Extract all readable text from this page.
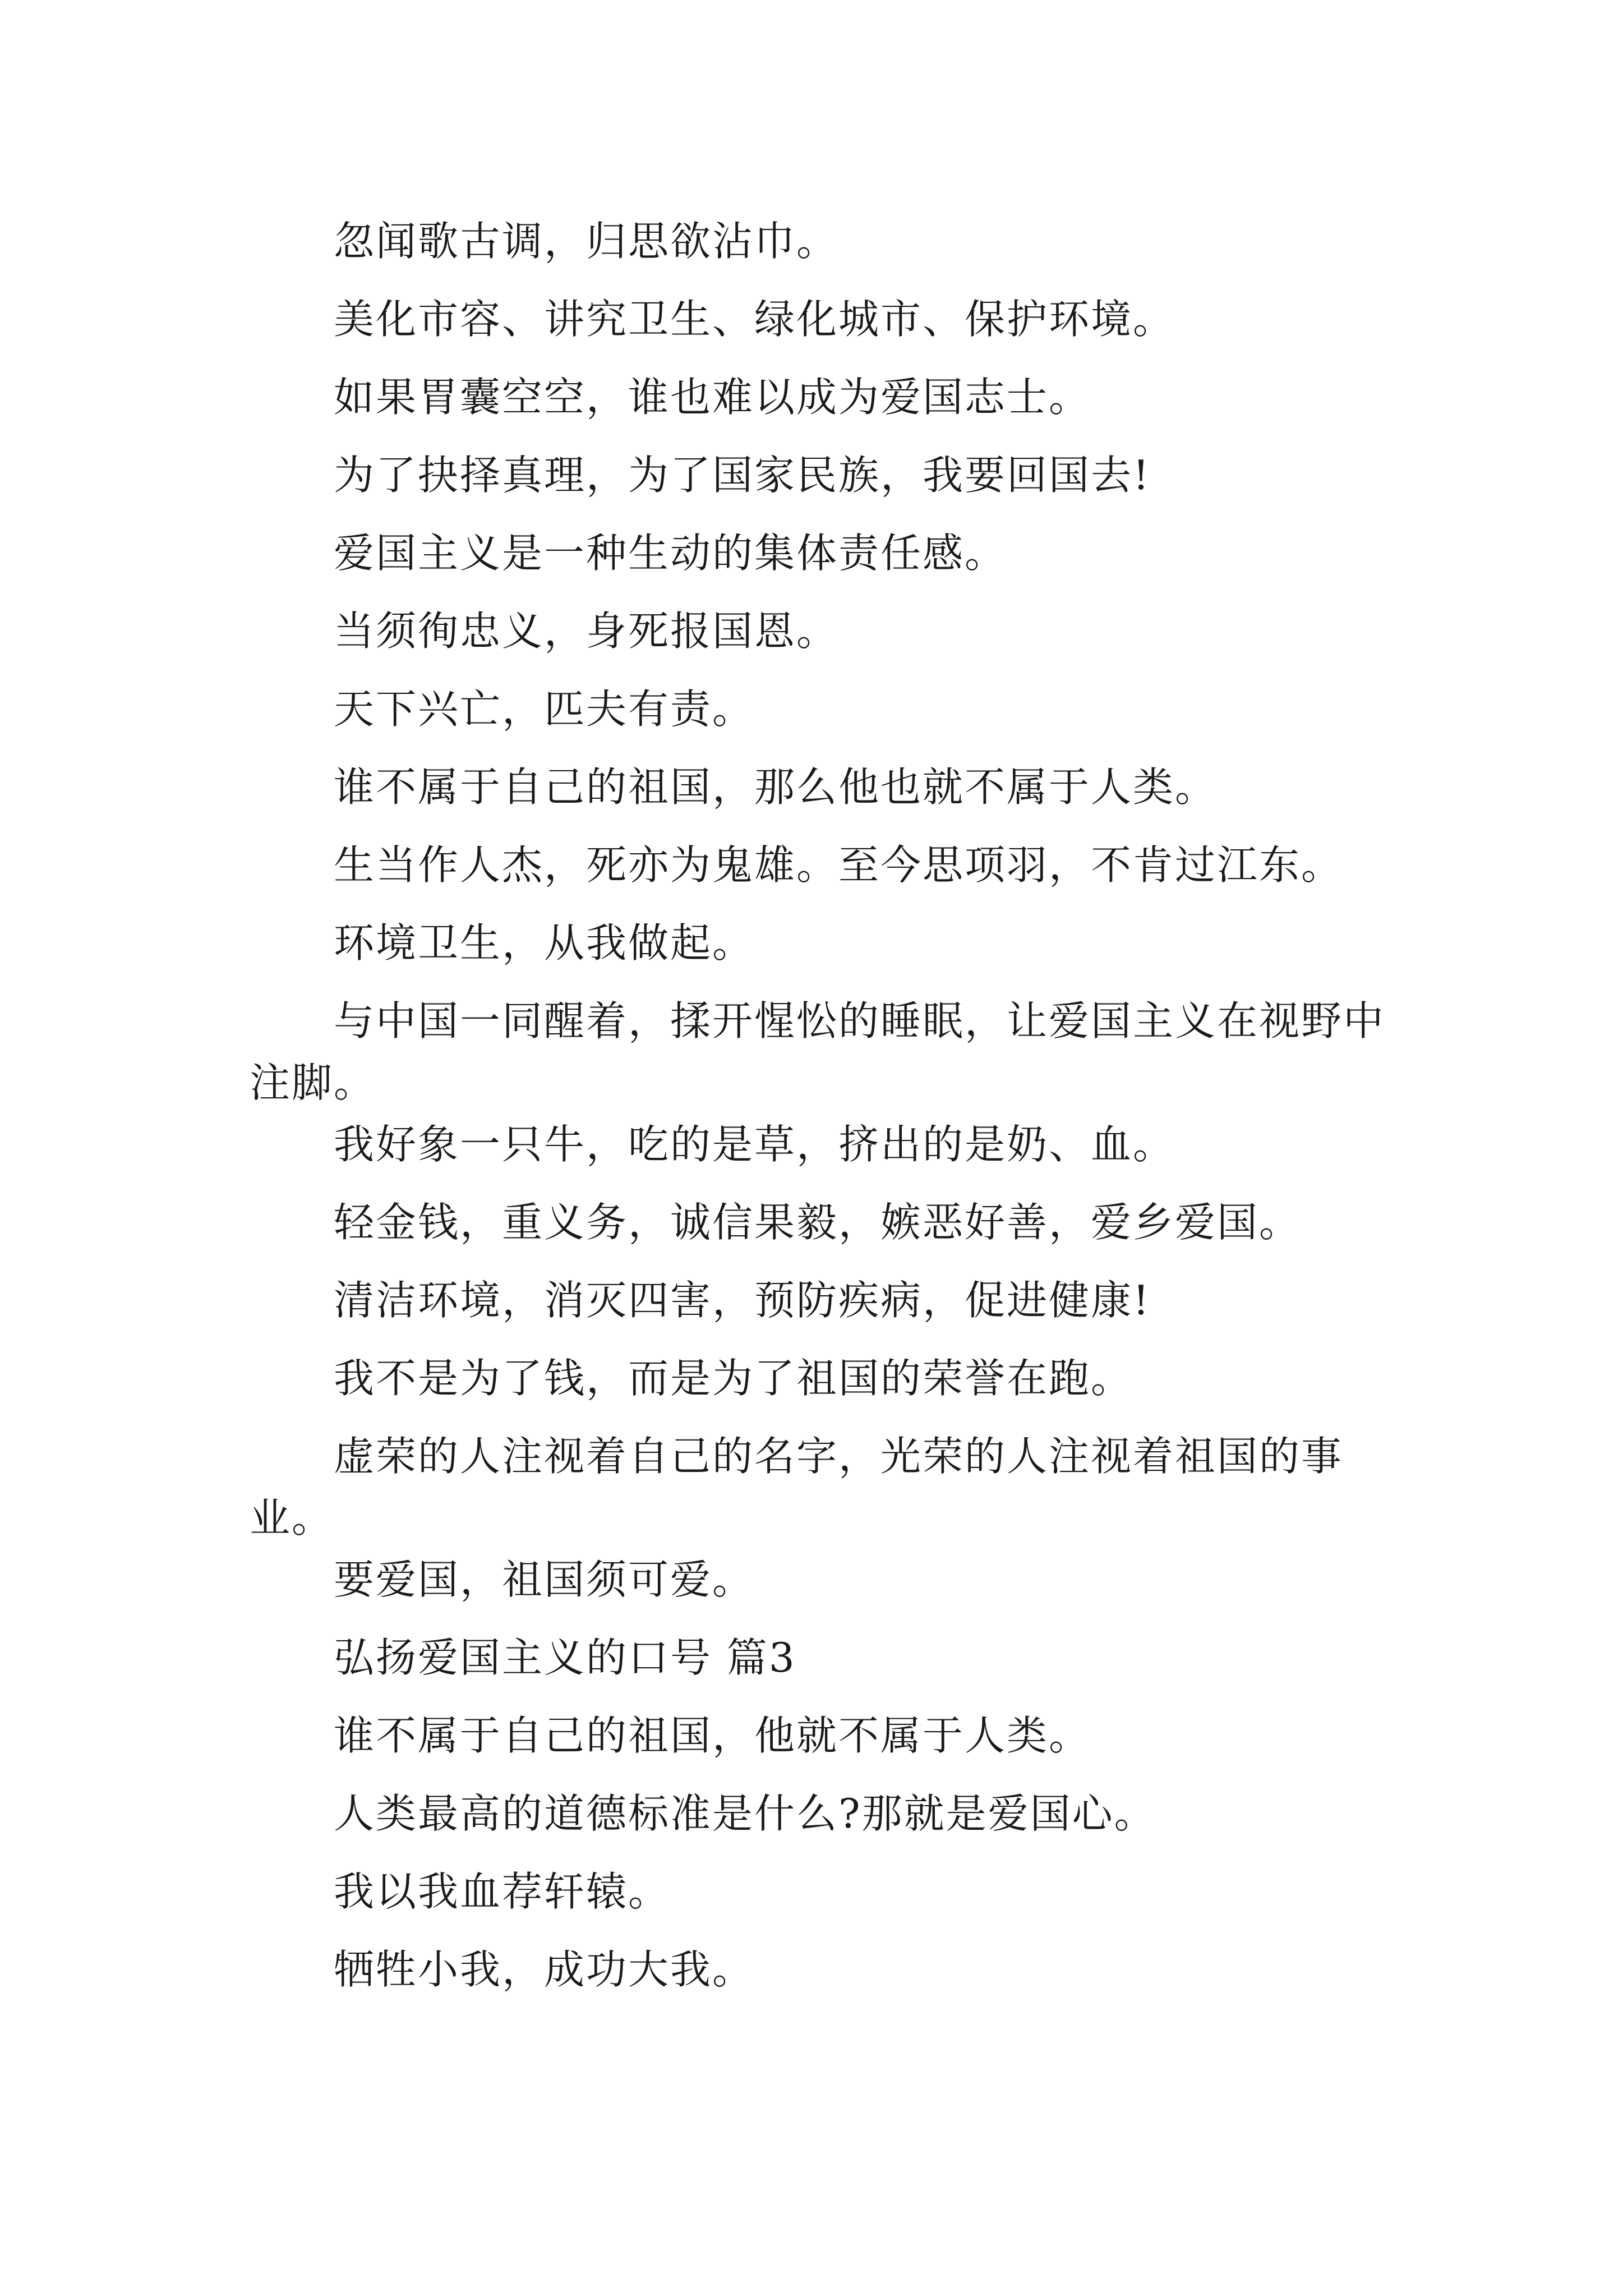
忽闻歌古调，归思欲沾巾。

美化市容、讲究卫生、绿化城市、保护环境。

如果胃囊空空，谁也难以成为爱国志士。

为了抉择真理，为了国家民族，我要回国去!

爱国主义是一种生动的集体责任感。

当须徇忠义，身死报国恩。

天下兴亡，匹夫有责。

谁不属于自己的祖国，那么他也就不属于人类。

生当作人杰，死亦为鬼雄。至今思项羽，不肯过江东。

环境卫生，从我做起。

与中国一同醒着，揉开惺忪的睡眠，让爱国主义在视野中注脚。

我好象一只牛，吃的是草，挤出的是奶、血。

轻金钱，重义务，诚信果毅，嫉恶好善，爱乡爱国。

清洁环境，消灭四害，预防疾病，促进健康!

我不是为了钱，而是为了祖国的荣誉在跑。

虚荣的人注视着自己的名字，光荣的人注视着祖国的事业。

要爱国，祖国须可爱。

弘扬爱国主义的口号 篇3

谁不属于自己的祖国，他就不属于人类。

人类最高的道德标准是什么?那就是爱国心。

我以我血荐轩辕。

牺牲小我，成功大我。
